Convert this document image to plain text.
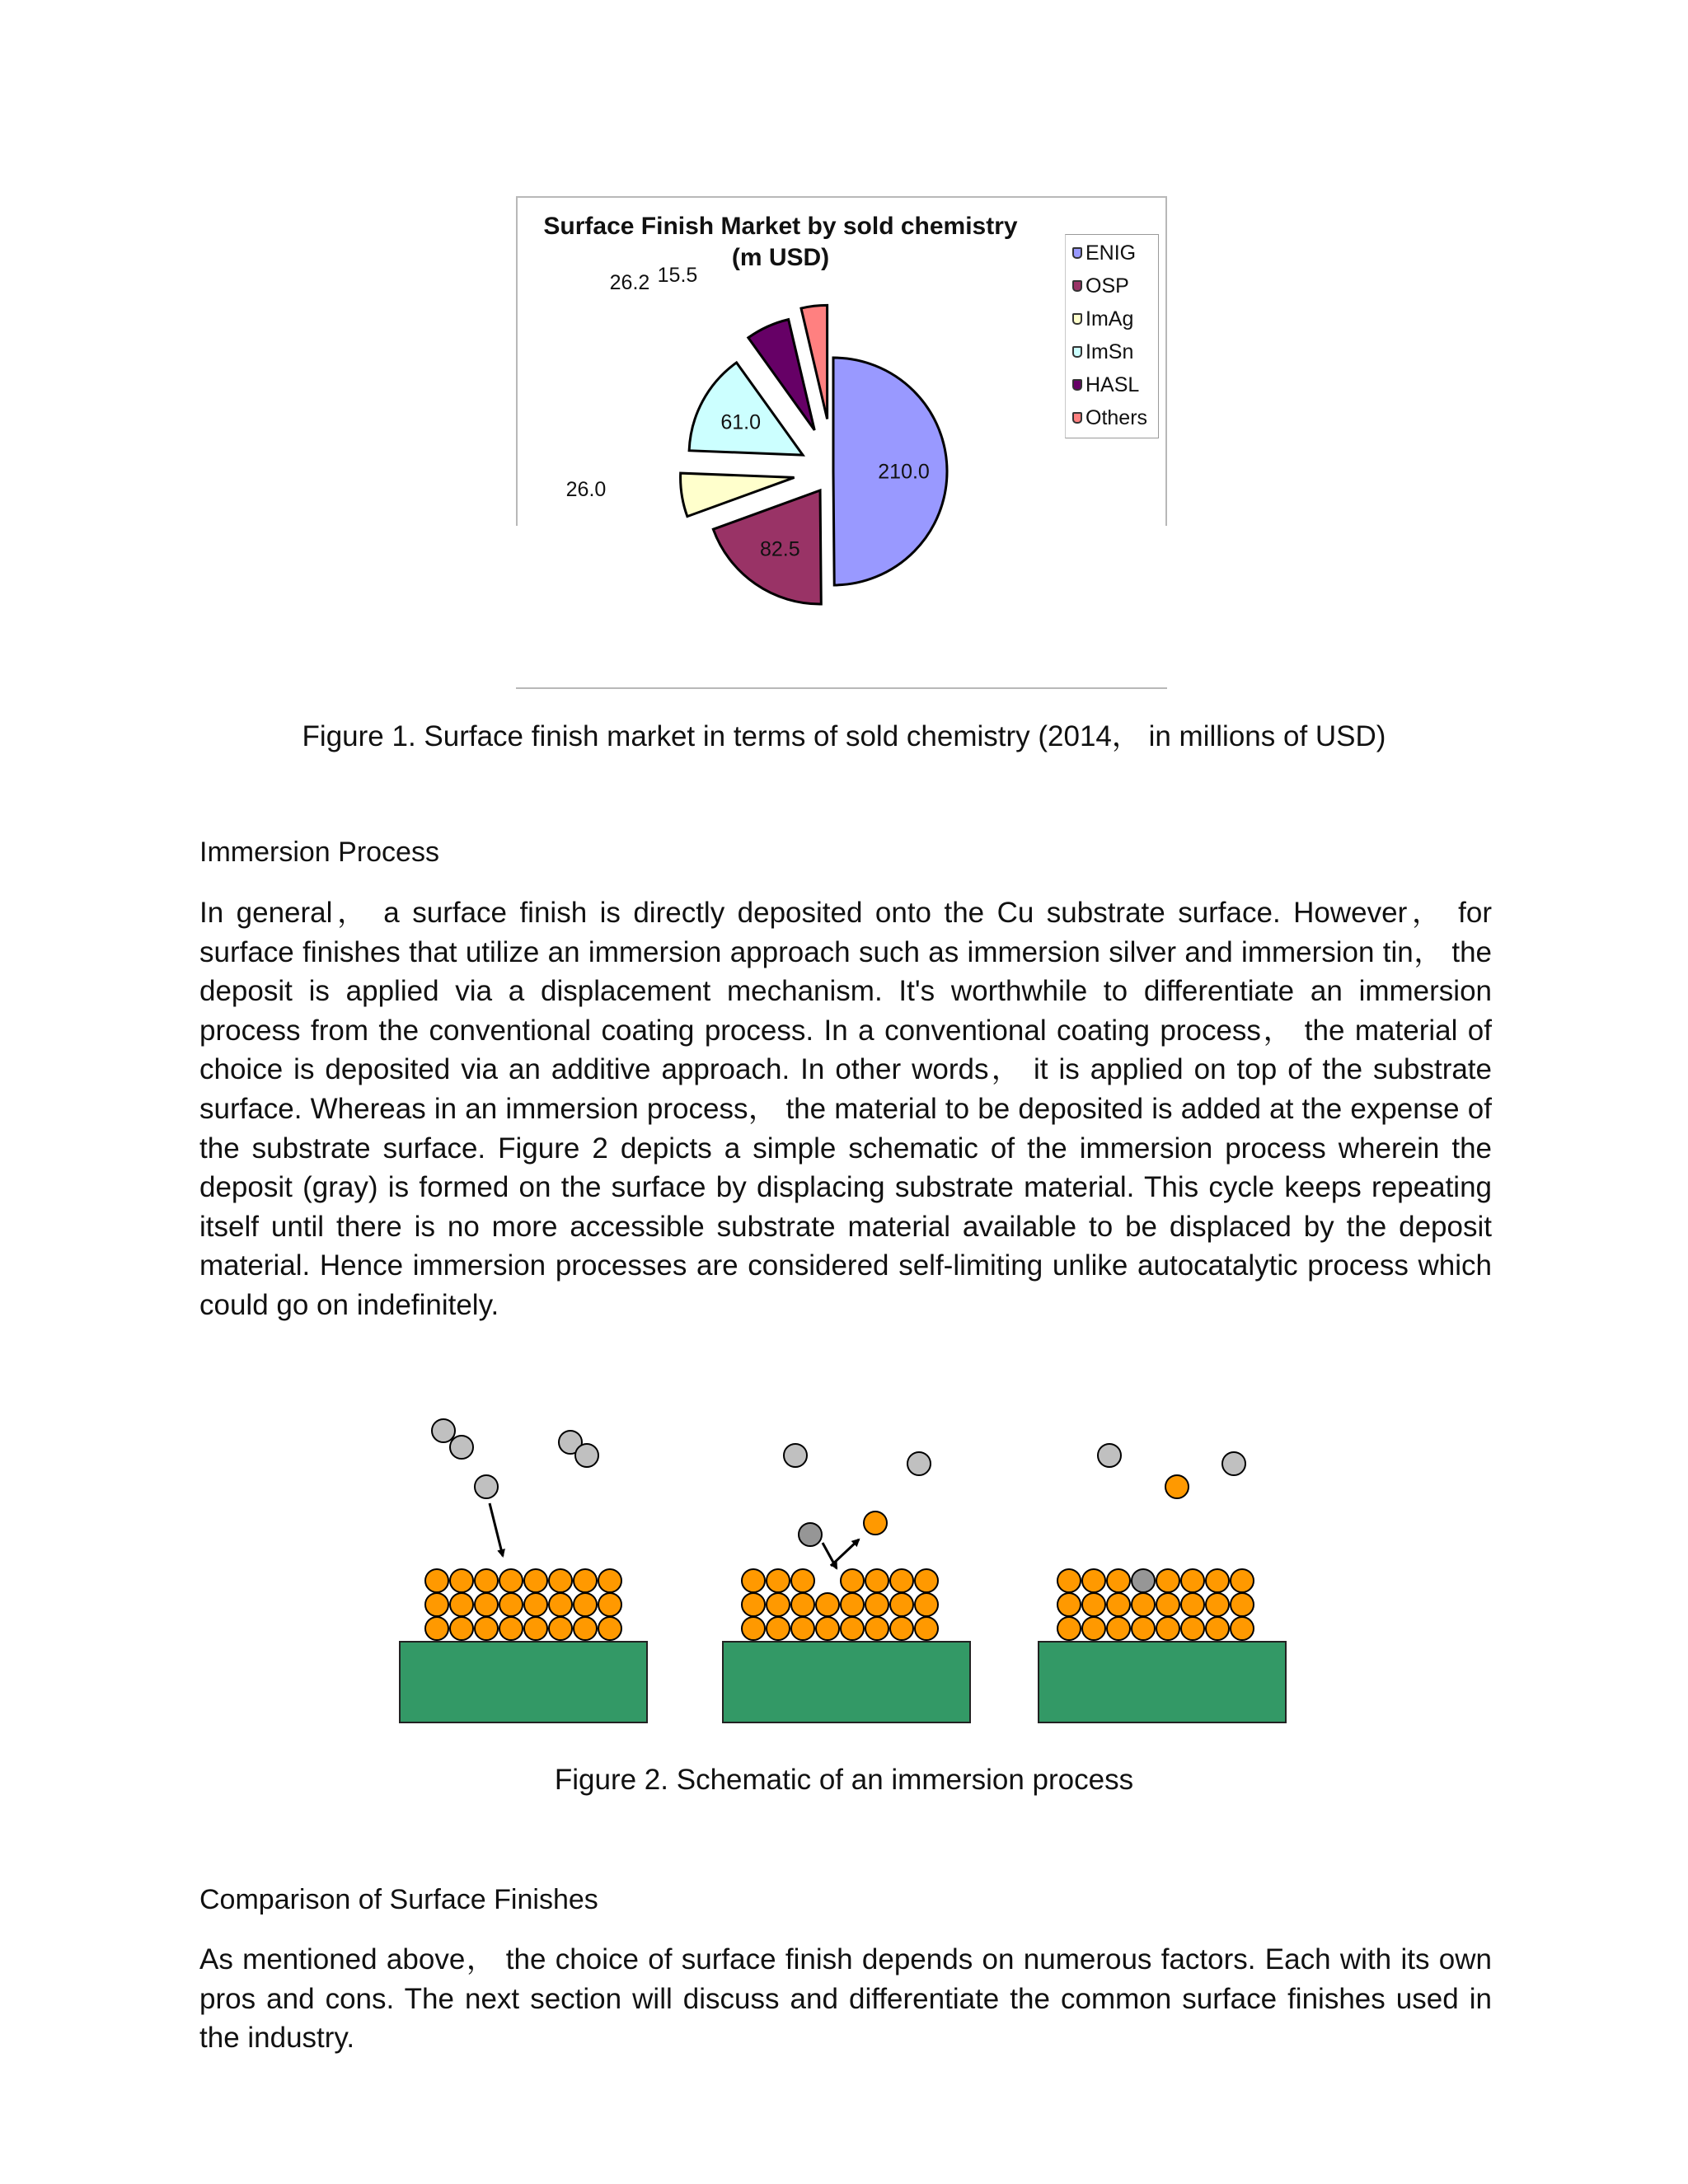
210.0
82.5
26.0
61.0
26.2 15.5
Surface Finish Market by sold chemistry
(m USD)	ENIG
OSP
ImAg
ImSn
HASL
Others
Figure 1. Surface finish market in terms of sold chemistry (2014， in millions of USD)
Immersion Process

In general， a surface finish is directly deposited onto the Cu substrate surface. However， for surface finishes that utilize an immersion approach such as immersion silver and immersion tin， the deposit is applied via a displacement mechanism. It's worthwhile to differentiate an immersion process from the conventional coating process. In a conventional coating process， the material of choice is deposited via an additive approach. In other words， it is applied on top of the substrate surface. Whereas in an immersion process， the material to be deposited is added at the expense of the substrate surface. Figure 2 depicts a simple schematic of the immersion process wherein the deposit (gray) is formed on the surface by displacing substrate material. This cycle keeps repeating itself until there is no more accessible substrate material available to be displaced by the deposit material. Hence immersion processes are considered self-limiting unlike autocatalytic process which could go on indefinitely.

Figure 2. Schematic of an immersion process
Comparison of Surface Finishes

As mentioned above， the choice of surface finish depends on numerous factors. Each with its own pros and cons. The next section will discuss and differentiate the common surface finishes used in the industry.
